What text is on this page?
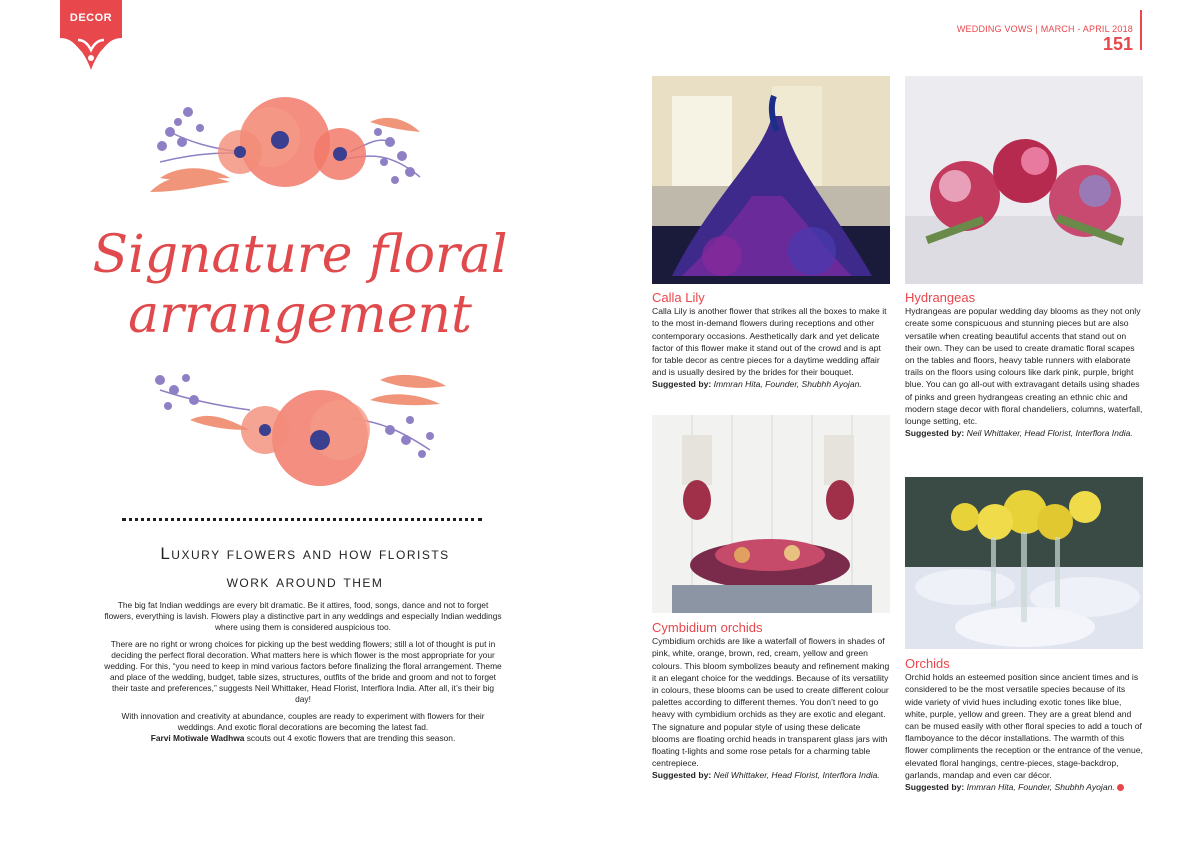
DECOR
WEDDING VOWS | MARCH - APRIL 2018
151
Signature floral
arrangement
Luxury flowers and how florists
work around them

The big fat Indian weddings are every bit dramatic. Be it attires, food, songs, dance and not to forget flowers, everything is lavish. Flowers play a distinctive part in any weddings and especially Indian weddings where using them is considered auspicious too.

There are no right or wrong choices for picking up the best wedding flowers; still a lot of thought is put in deciding the perfect floral decoration. What matters here is which flower is the most appropriate for your wedding. For this, “you need to keep in mind various factors before finalizing the floral arrangement. Theme and place of the wedding, budget, table sizes, structures, outfits of the bride and groom and not to forget their taste and preferences,” suggests Neil Whittaker, Head Florist, Interflora India. After all, it’s their big day!

With innovation and creativity at abundance, couples are ready to experiment with flowers for their weddings. And exotic floral decorations are becoming the latest fad.

Farvi Motiwale Wadhwa scouts out 4 exotic flowers that are trending this season.

Calla Lily

Calla Lily is another flower that strikes all the boxes to make it to the most in-demand flowers during receptions and other contemporary occasions. Aesthetically dark and yet delicate factor of this flower make it stand out of the crowd and is apt for table decor as centre pieces for a daytime wedding affair and is usually desired by the brides for their bouquet.

Suggested by: Immran Hita, Founder, Shubhh Ayojan.

Hydrangeas

Hydrangeas are popular wedding day blooms as they not only create some conspicuous and stunning pieces but are also versatile when creating beautiful accents that stand out on their own. They can be used to create dramatic floral scapes on the tables and floors, heavy table runners with elaborate trails on the floors using colours like dark pink, purple, bright blue. You can go all-out with extravagant details using shades of pinks and green hydrangeas creating an ethnic chic and modern stage decor with floral chandeliers, columns, waterfall, lounge setting, etc.

Suggested by: Neil Whittaker, Head Florist, Interflora India.

Cymbidium orchids

Cymbidium orchids are like a waterfall of flowers in shades of pink, white, orange, brown, red, cream, yellow and green colours. This bloom symbolizes beauty and refinement making it an elegant choice for the weddings. Because of its versatility in colours, these blooms can be used to create different colour palettes according to different themes. You don’t need to go heavy with cymbidium orchids as they are exotic and elegant. The signature and popular style of using these delicate blooms are floating orchid heads in transparent glass jars with floating t-lights and some rose petals for a charming table centrepiece.

Suggested by: Neil Whittaker, Head Florist, Interflora India.

Orchids

Orchid holds an esteemed position since ancient times and is considered to be the most versatile species because of its wide variety of vivid hues including exotic tones like blue, white, purple, yellow and green. They are a great blend and can be mused easily with other floral species to add a touch of flamboyance to the décor installations. The warmth of this flower compliments the reception or the entrance of the venue, elevated floral hangings, centre-pieces, stage-backdrop, garlands, mandap and even car décor.

Suggested by: Immran Hita, Founder, Shubhh Ayojan.
